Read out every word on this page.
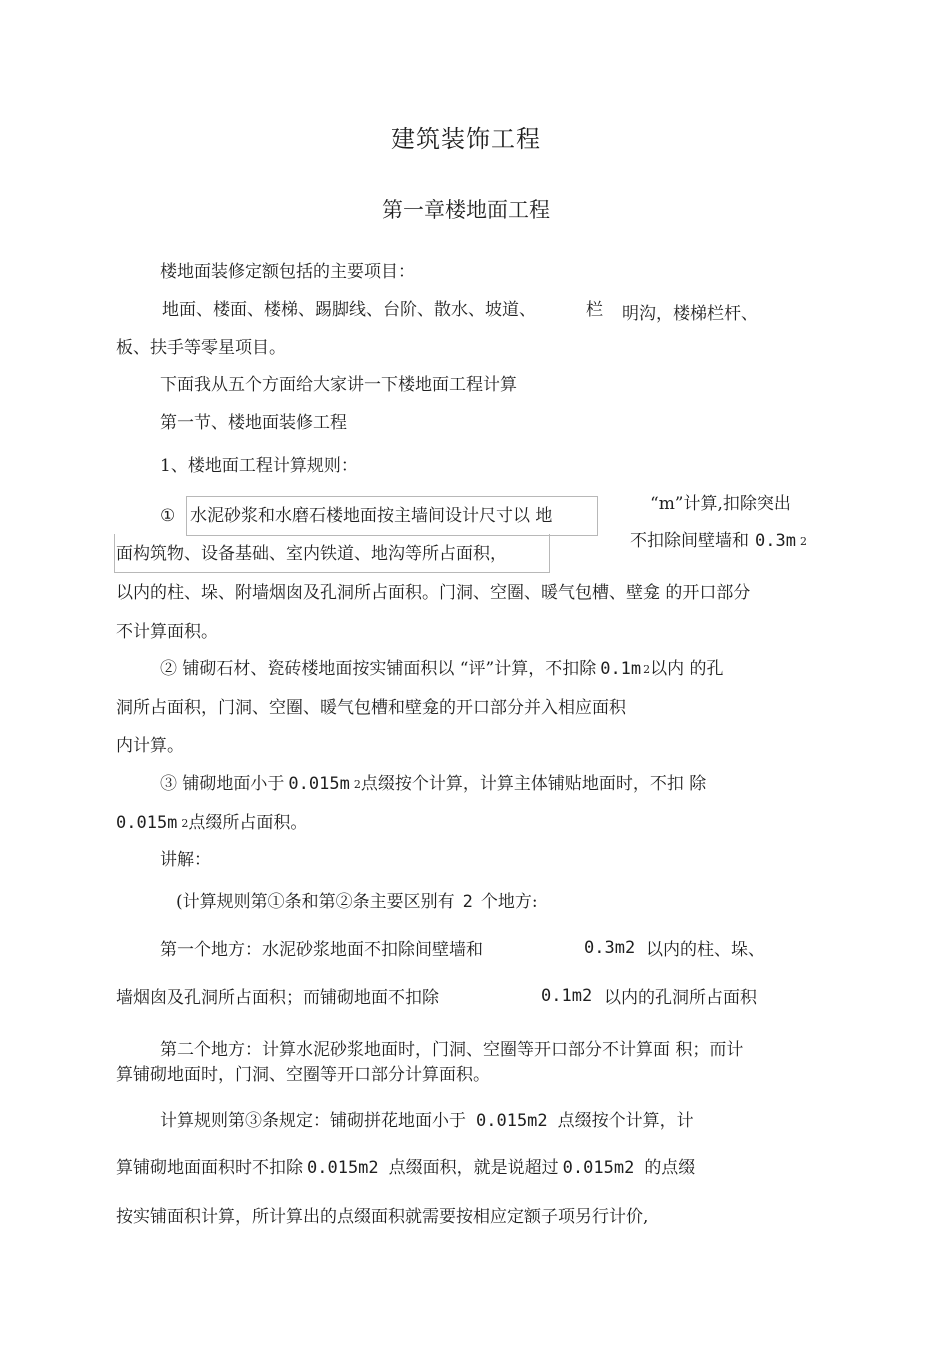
建筑装饰工程
第一章楼地面工程
楼地面装修定额包括的主要项目：
地面、楼面、楼梯、踢脚线、台阶、散水、坡道、	栏 明沟，楼梯栏杆、
板、扶手等零星项目。
下面我从五个方面给大家讲一下楼地面工程计算
第一节、楼地面装修工程
1、楼地面工程计算规则：
① 水泥砂浆和水磨石楼地面按主墙间设计尺寸以 地
面构筑物、设备基础、室内铁道、地沟等所占面积，
“m”计算,扣除突出
不扣除间壁墙和 0.3m 2
以内的柱、垛、附墙烟囱及孔洞所占面积。门洞、空圈、暖气包槽、壁龛 的开口部分
不计算面积。
② 铺砌石材、瓷砖楼地面按实铺面积以 “评”计算，不扣除 0.1m 2以内 的孔
洞所占面积，门洞、空圈、暖气包槽和壁龛的开口部分并入相应面积
内计算。
③ 铺砌地面小于 0.015m 2点缀按个计算，计算主体铺贴地面时，不扣 除
0.015m 2点缀所占面积。
讲解：
(计算规则第①条和第②条主要区别有 2 个地方:
第一个地方：水泥砂浆地面不扣除间壁墙和	0.3m2 以内的柱、垛、
墙烟囱及孔洞所占面积；而铺砌地面不扣除	0.1m2 以内的孔洞所占面积
第二个地方：计算水泥砂浆地面时，门洞、空圈等开口部分不计算面 积；而计
算铺砌地面时，门洞、空圈等开口部分计算面积。
计算规则第③条规定：铺砌拼花地面小于 0.015m2 点缀按个计算，计
算铺砌地面面积时不扣除 0.015m2 点缀面积，就是说超过 0.015m2 的点缀
按实铺面积计算，所计算出的点缀面积就需要按相应定额子项另行计价,
